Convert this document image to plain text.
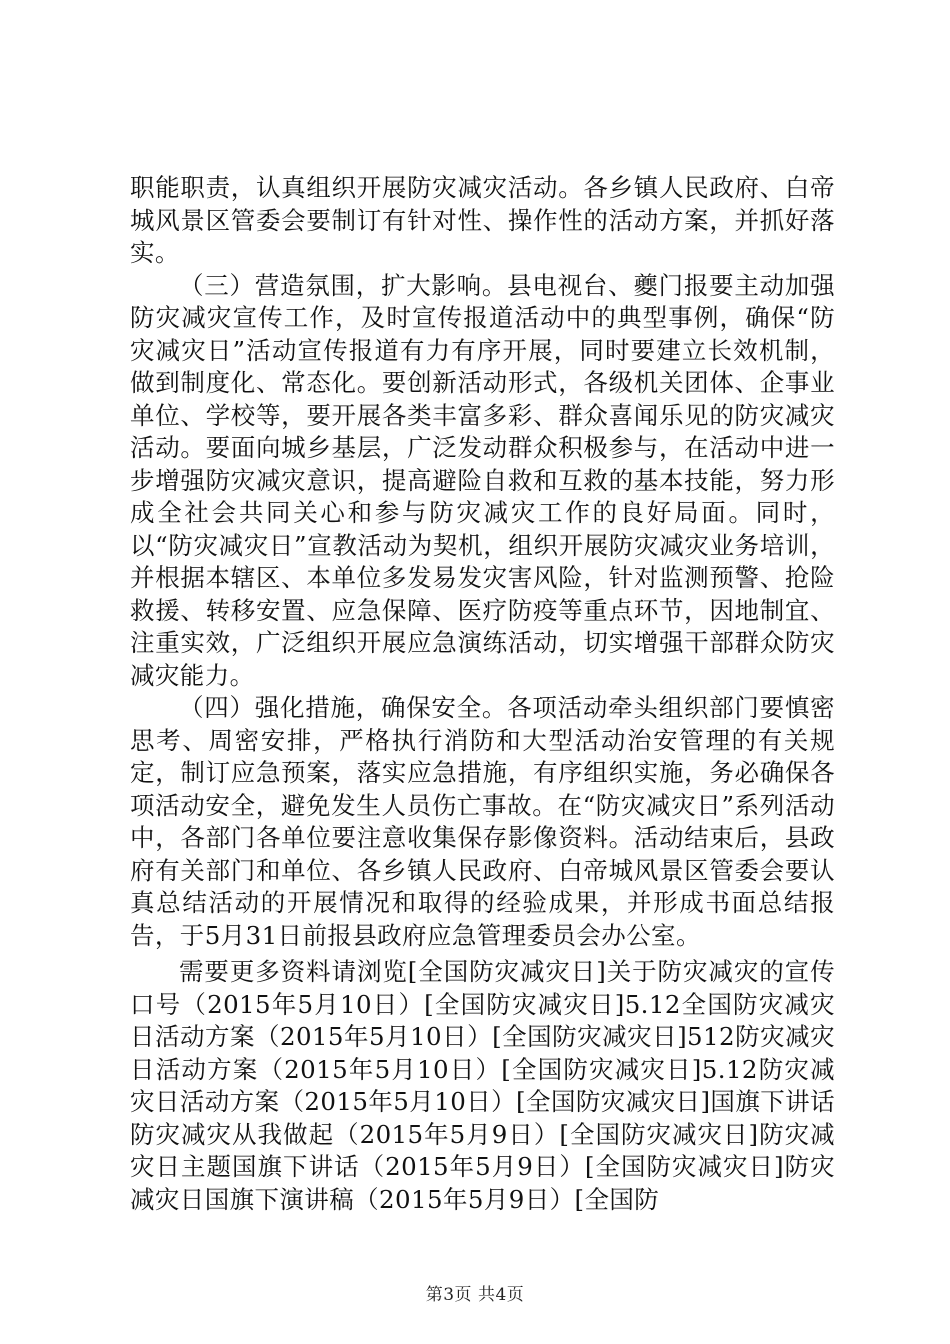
职能职责，认真组织开展防灾减灾活动。各乡镇人民政府、白帝城风景区管委会要制订有针对性、操作性的活动方案，并抓好落实。

（三）营造氛围，扩大影响。县电视台、夔门报要主动加强防灾减灾宣传工作，及时宣传报道活动中的典型事例，确保“防灾减灾日”活动宣传报道有力有序开展，同时要建立长效机制，做到制度化、常态化。要创新活动形式，各级机关团体、企事业单位、学校等，要开展各类丰富多彩、群众喜闻乐见的防灾减灾活动。要面向城乡基层，广泛发动群众积极参与，在活动中进一步增强防灾减灾意识，提高避险自救和互救的基本技能，努力形成全社会共同关心和参与防灾减灾工作的良好局面。同时，以“防灾减灾日”宣教活动为契机，组织开展防灾减灾业务培训，并根据本辖区、本单位多发易发灾害风险，针对监测预警、抢险救援、转移安置、应急保障、医疗防疫等重点环节，因地制宜、注重实效，广泛组织开展应急演练活动，切实增强干部群众防灾减灾能力。

（四）强化措施，确保安全。各项活动牵头组织部门要慎密思考、周密安排，严格执行消防和大型活动治安管理的有关规定，制订应急预案，落实应急措施，有序组织实施，务必确保各项活动安全，避免发生人员伤亡事故。在“防灾减灾日”系列活动中，各部门各单位要注意收集保存影像资料。活动结束后，县政府有关部门和单位、各乡镇人民政府、白帝城风景区管委会要认真总结活动的开展情况和取得的经验成果，并形成书面总结报告，于5月31日前报县政府应急管理委员会办公室。

需要更多资料请浏览[全国防灾减灾日]关于防灾减灾的宣传口号（2015年5月10日）[全国防灾减灾日]5.12全国防灾减灾日活动方案（2015年5月10日）[全国防灾减灾日]512防灾减灾日活动方案（2015年5月10日）[全国防灾减灾日]5.12防灾减灾日活动方案（2015年5月10日）[全国防灾减灾日]国旗下讲话防灾减灾从我做起（2015年5月9日）[全国防灾减灾日]防灾减灾日主题国旗下讲话（2015年5月9日）[全国防灾减灾日]防灾减灾日国旗下演讲稿（2015年5月9日）[全国防

第3页 共4页
